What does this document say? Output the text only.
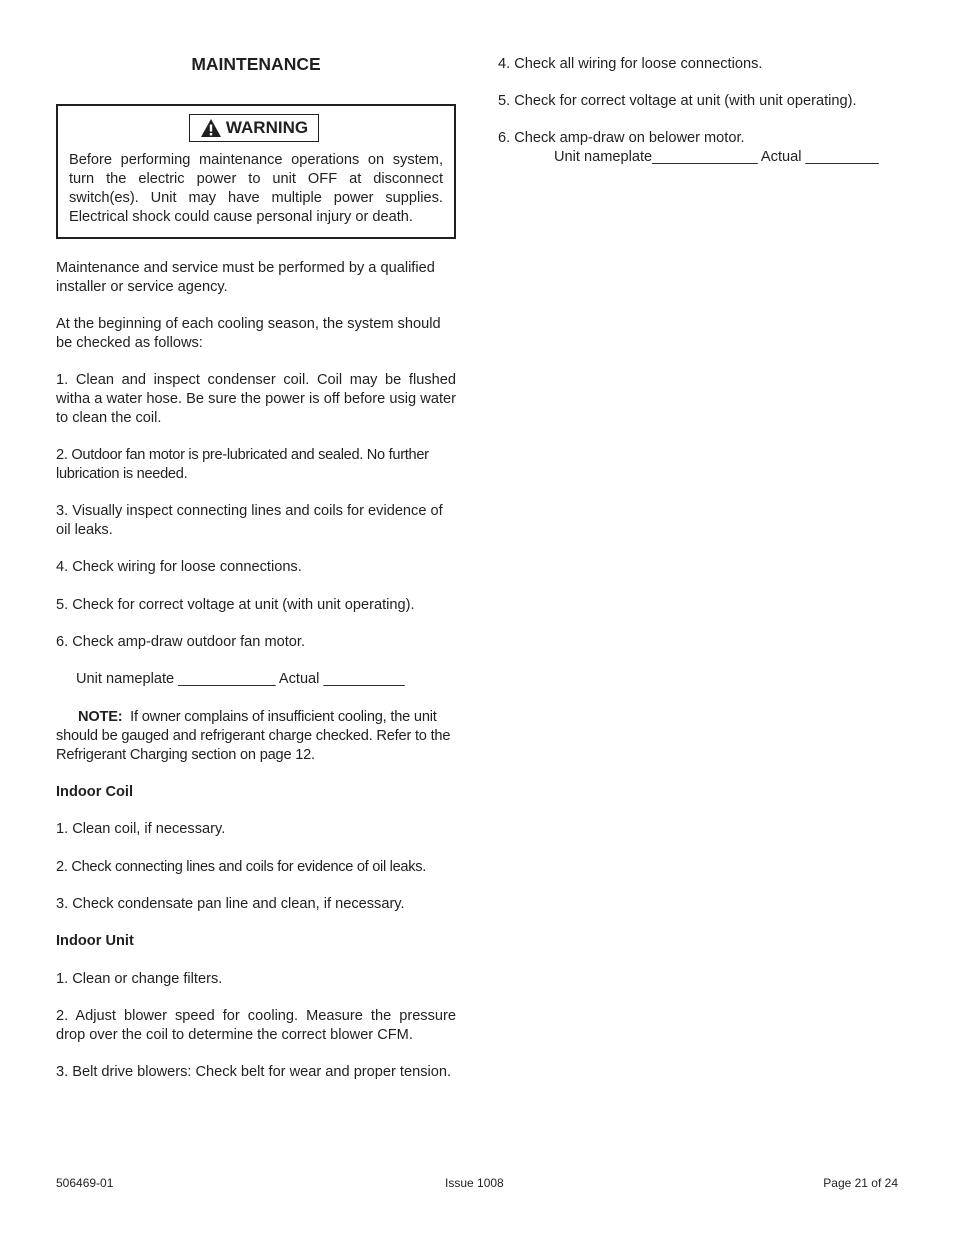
MAINTENANCE
WARNING
Before performing maintenance operations on system, turn the electric power to unit OFF at disconnect switch(es). Unit may have multiple power supplies. Electrical shock could cause personal injury or death.

Maintenance and service must be performed by a qualified installer or service agency.

At the beginning of each cooling season, the system should be checked as follows:

1. Clean and inspect condenser coil. Coil may be flushed witha a water hose. Be sure the power is off before usig water to clean the coil.

2. Outdoor fan motor is pre-lubricated and sealed. No further lubrication is needed.

3. Visually inspect connecting lines and coils for evidence of oil leaks.

4. Check wiring for loose connections.

5. Check for correct voltage at unit (with unit operating).

6. Check amp-draw outdoor fan motor.

Unit nameplate ____________ Actual __________

NOTE: If owner complains of insufficient cooling, the unit should be gauged and refrigerant charge checked. Refer to the Refrigerant Charging section on page 12.

Indoor Coil

1. Clean coil, if necessary.

2. Check connecting lines and coils for evidence of oil leaks.

3. Check condensate pan line and clean, if necessary.

Indoor Unit

1. Clean or change filters.

2. Adjust blower speed for cooling. Measure the pressure drop over the coil to determine the correct blower CFM.

3. Belt drive blowers: Check belt for wear and proper tension.

4. Check all wiring for loose connections.

5. Check for correct voltage at unit (with unit operating).

6. Check amp-draw on belower motor.

Unit nameplate_____________ Actual _________

506469-01	Issue 1008	Page 21 of 24
